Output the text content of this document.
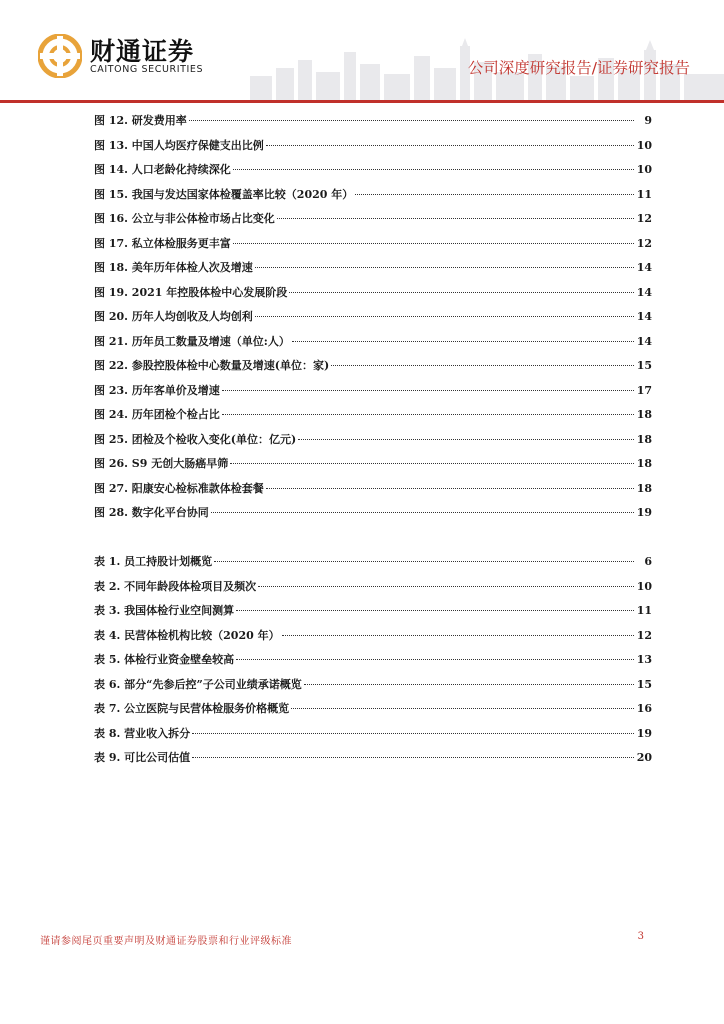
财通证券
CAITONG SECURITIES	公司深度研究报告/证券研究报告
图 12. 研发费用率	9
图 13. 中国人均医疗保健支出比例	10
图 14. 人口老龄化持续深化	10
图 15. 我国与发达国家体检覆盖率比较（2020 年）	11
图 16. 公立与非公体检市场占比变化	12
图 17. 私立体检服务更丰富	12
图 18. 美年历年体检人次及增速	14
图 19. 2021 年控股体检中心发展阶段	14
图 20. 历年人均创收及人均创利	14
图 21. 历年员工数量及增速（单位:人）	14
图 22. 参股控股体检中心数量及增速(单位：家)	15
图 23. 历年客单价及增速	17
图 24. 历年团检个检占比	18
图 25. 团检及个检收入变化(单位：亿元)	18
图 26. S9 无创大肠癌早筛	18
图 27. 阳康安心检标准款体检套餐	18
图 28. 数字化平台协同	19
表 1. 员工持股计划概览	6
表 2. 不同年龄段体检项目及频次	10
表 3. 我国体检行业空间测算	11
表 4. 民营体检机构比较（2020 年）	12
表 5. 体检行业资金壁垒较高	13
表 6. 部分“先参后控”子公司业绩承诺概览	15
表 7. 公立医院与民营体检服务价格概览	16
表 8. 营业收入拆分	19
表 9. 可比公司估值	20
谨请参阅尾页重要声明及财通证券股票和行业评级标准	3
